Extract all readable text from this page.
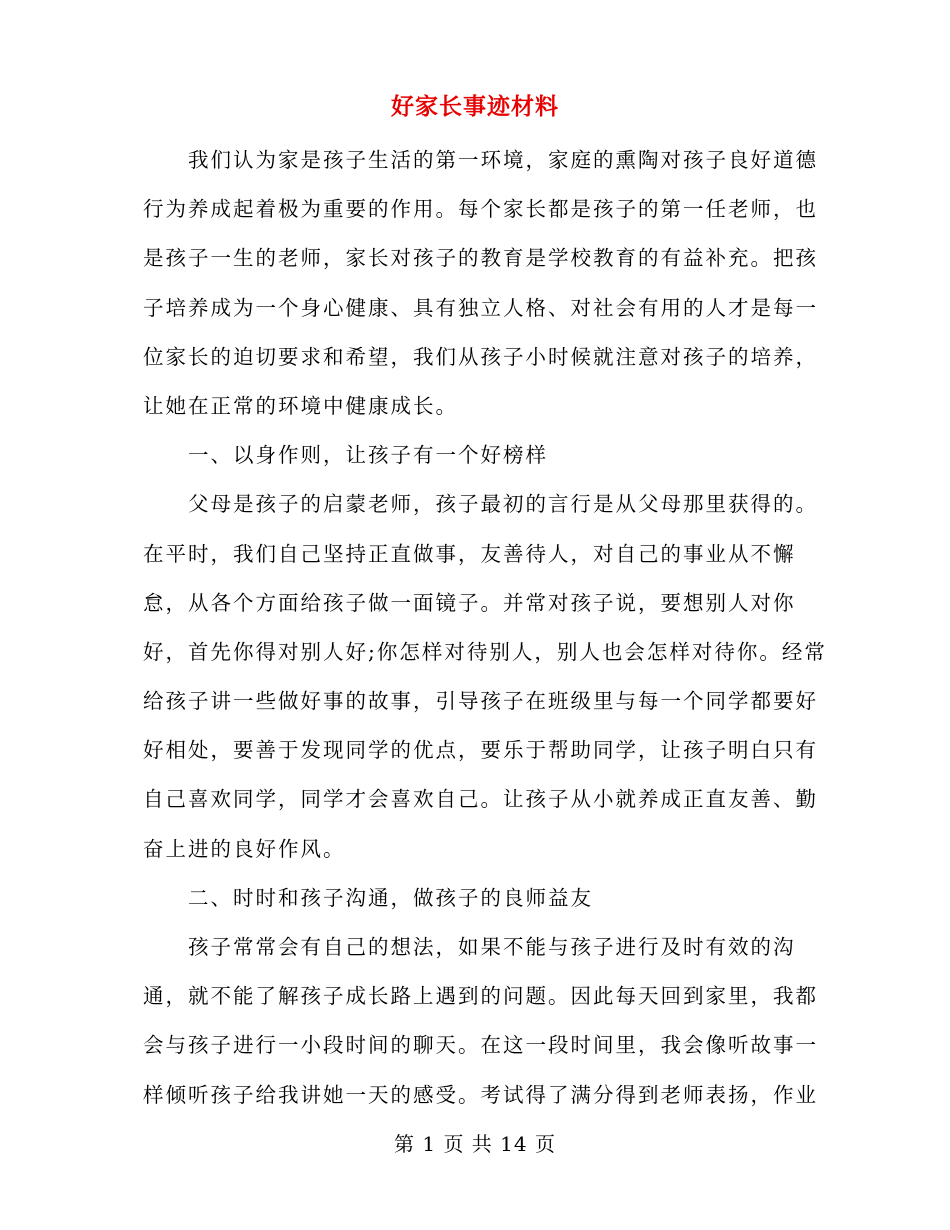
好家长事迹材料
　　我们认为家是孩子生活的第一环境，家庭的熏陶对孩子良好道德
行为养成起着极为重要的作用。每个家长都是孩子的第一任老师，也
是孩子一生的老师，家长对孩子的教育是学校教育的有益补充。把孩
子培养成为一个身心健康、具有独立人格、对社会有用的人才是每一
位家长的迫切要求和希望，我们从孩子小时候就注意对孩子的培养，
让她在正常的环境中健康成长。
　　一、以身作则，让孩子有一个好榜样
　　父母是孩子的启蒙老师，孩子最初的言行是从父母那里获得的。
在平时，我们自己坚持正直做事，友善待人，对自己的事业从不懈
怠，从各个方面给孩子做一面镜子。并常对孩子说，要想别人对你
好，首先你得对别人好;你怎样对待别人，别人也会怎样对待你。经常
给孩子讲一些做好事的故事，引导孩子在班级里与每一个同学都要好
好相处，要善于发现同学的优点，要乐于帮助同学，让孩子明白只有
自己喜欢同学，同学才会喜欢自己。让孩子从小就养成正直友善、勤
奋上进的良好作风。
　　二、时时和孩子沟通，做孩子的良师益友
　　孩子常常会有自己的想法，如果不能与孩子进行及时有效的沟
通，就不能了解孩子成长路上遇到的问题。因此每天回到家里，我都
会与孩子进行一小段时间的聊天。在这一段时间里，我会像听故事一
样倾听孩子给我讲她一天的感受。考试得了满分得到老师表扬，作业
第 1 页 共 14 页
